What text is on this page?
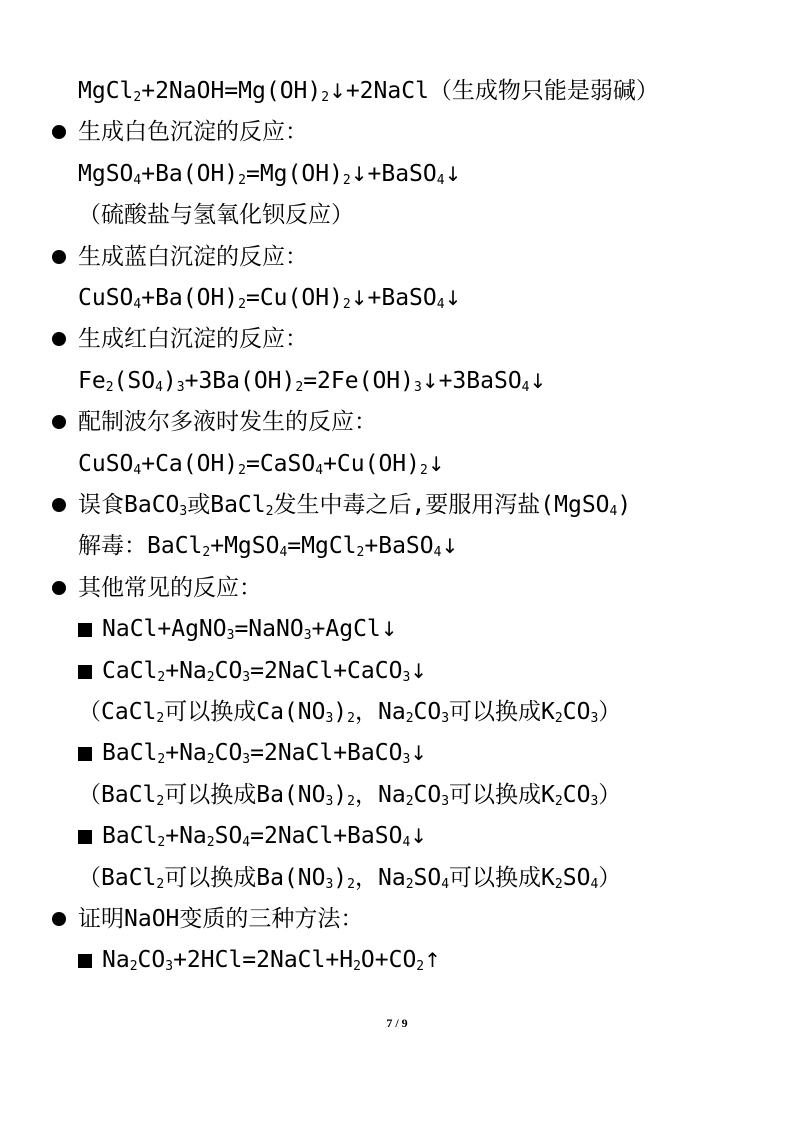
$MgCl_2+2NaOH=Mg(OH)_2↓+2NaCl$（生成物只能是弱碱）
生成白色沉淀的反应：
$MgSO_4+Ba(OH)_2=Mg(OH)_2↓+BaSO_4↓$
（硫酸盐与氢氧化钡反应）
生成蓝白沉淀的反应：
$CuSO_4+Ba(OH)_2=Cu(OH)_2↓+BaSO_4↓$
生成红白沉淀的反应：
$Fe_2(SO_4)_3+3Ba(OH)_2=2Fe(OH)_3↓+3BaSO_4↓$
配制波尔多液时发生的反应：
$CuSO_4+Ca(OH)_2=CaSO_4+Cu(OH)_2↓$
误食BaCO$_3$或BaCl$_2$发生中毒之后,要服用泻盐(MgSO$_4$)
解毒：BaCl$_2$+MgSO$_4$=MgCl$_2$+BaSO$_4$↓
其他常见的反应：
NaCl+AgNO$_3$=NaNO$_3$+AgCl↓
$CaCl_2+Na_2CO_3=2NaCl+CaCO_3↓$
（CaCl$_2$可以换成$Ca(NO_3)_2$，$Na_2CO_3$可以换成$K_2CO_3$）
$BaCl_2+Na_2CO_3=2NaCl+BaCO_3↓$
（BaCl$_2$可以换成$Ba(NO_3)_2$，$Na_2CO_3$可以换成$K_2CO_3$）
$BaCl_2+Na_2SO_4=2NaCl+BaSO_4↓$
（BaCl$_2$可以换成$Ba(NO_3)_2$，$Na_2SO_4$可以换成$K_2SO_4$）
证明NaOH变质的三种方法：
$Na_2CO_3+2HCl=2NaCl+H_2O+CO_2↑$
7 / 9
